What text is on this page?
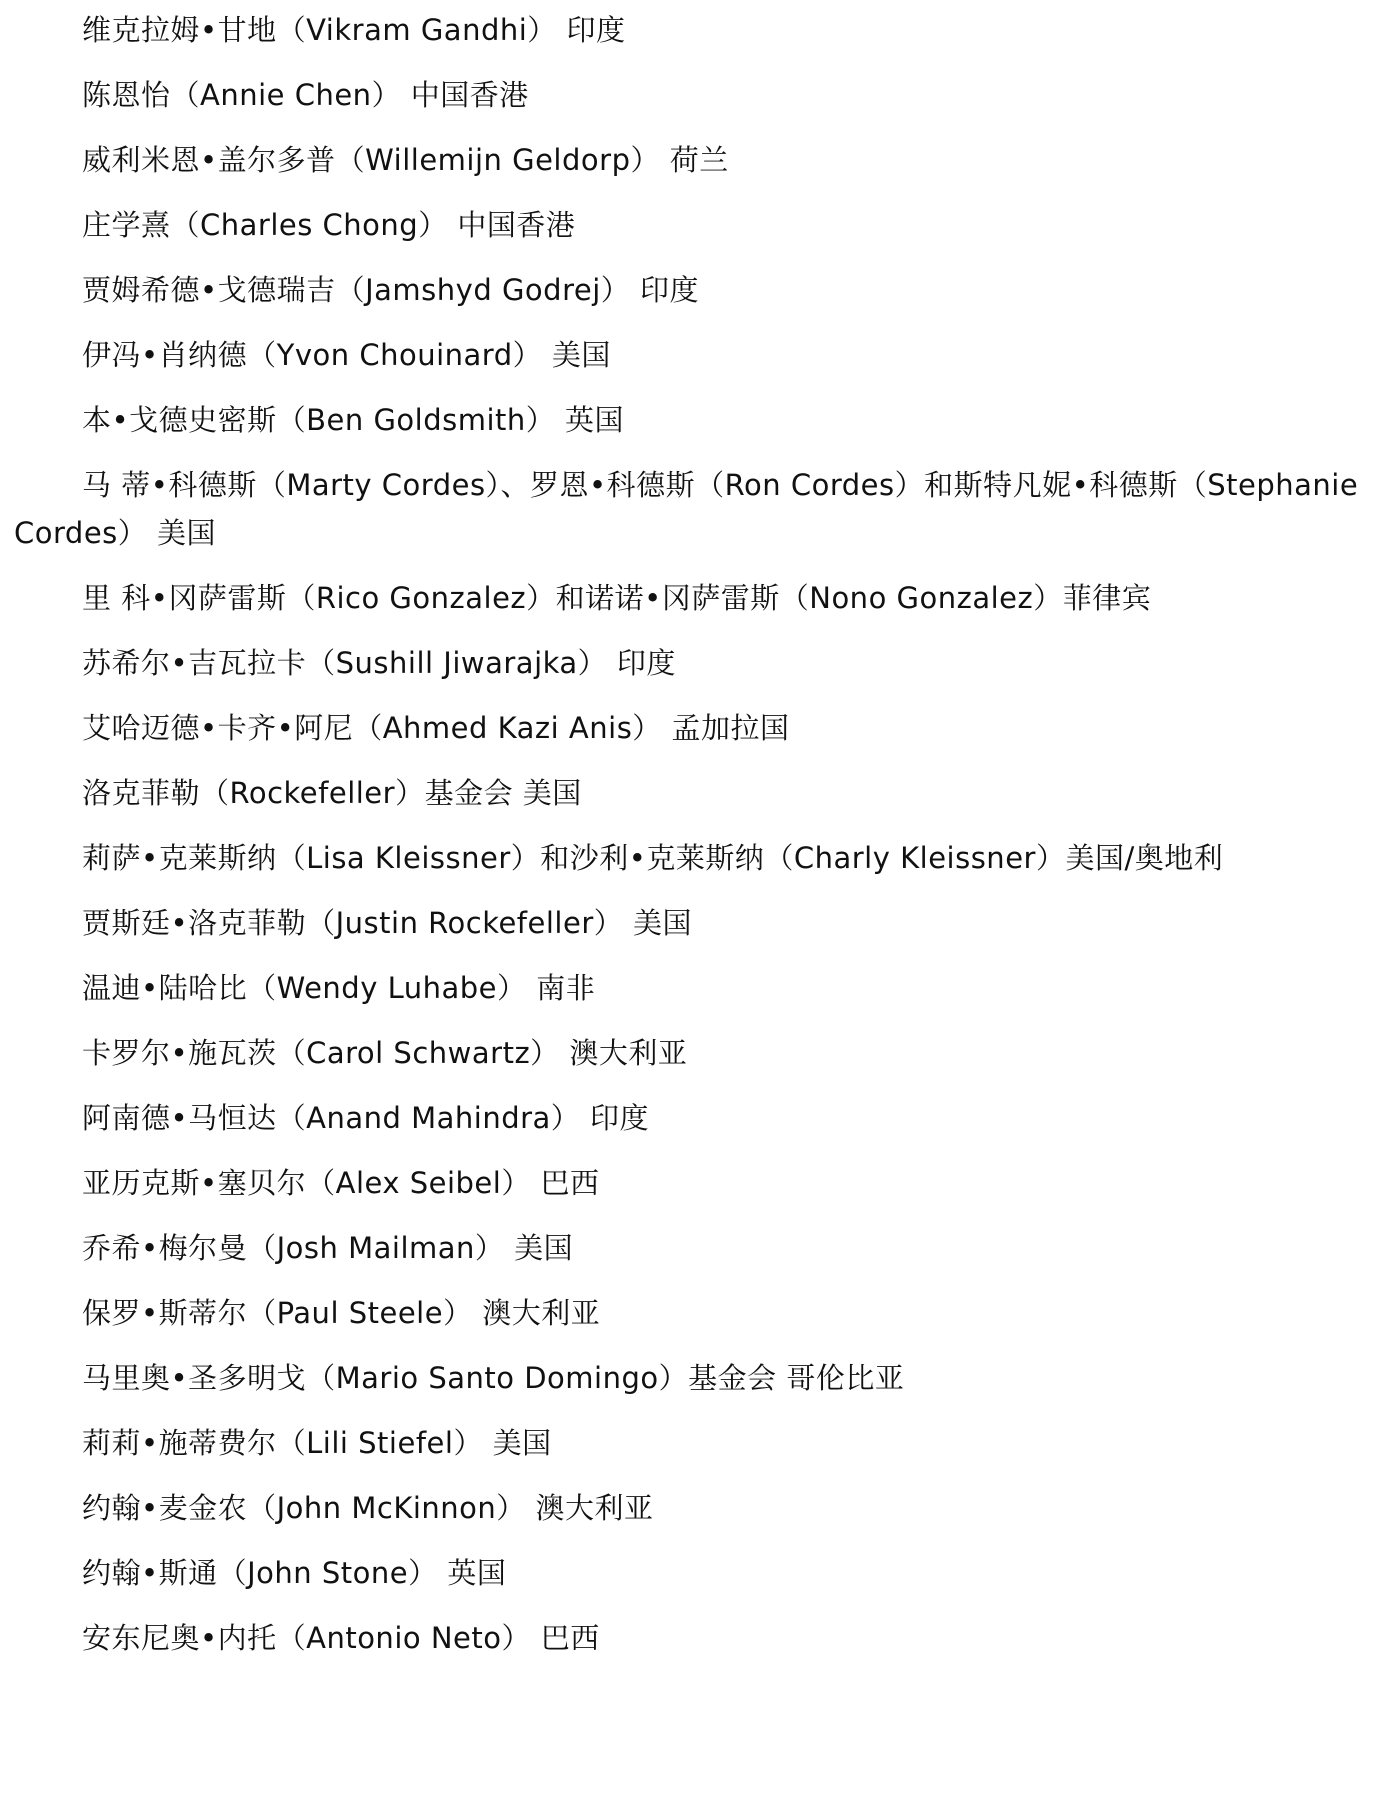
维克拉姆•甘地（Vikram Gandhi） 印度

陈恩怡（Annie Chen） 中国香港

威利米恩•盖尔多普（Willemijn Geldorp） 荷兰

庄学熹（Charles Chong） 中国香港

贾姆希德•戈德瑞吉（Jamshyd Godrej） 印度

伊冯•肖纳德（Yvon Chouinard） 美国

本•戈德史密斯（Ben Goldsmith） 英国

马 蒂•科德斯（Marty Cordes）、罗恩•科德斯（Ron Cordes）和斯特凡妮•科德斯（Stephanie Cordes） 美国

里 科•冈萨雷斯（Rico Gonzalez）和诺诺•冈萨雷斯（Nono Gonzalez）菲律宾

苏希尔•吉瓦拉卡（Sushill Jiwarajka） 印度

艾哈迈德•卡齐•阿尼（Ahmed Kazi Anis） 孟加拉国

洛克菲勒（Rockefeller）基金会 美国

莉萨•克莱斯纳（Lisa Kleissner）和沙利•克莱斯纳（Charly Kleissner）美国/奥地利

贾斯廷•洛克菲勒（Justin Rockefeller） 美国

温迪•陆哈比（Wendy Luhabe） 南非

卡罗尔•施瓦茨（Carol Schwartz） 澳大利亚

阿南德•马恒达（Anand Mahindra） 印度

亚历克斯•塞贝尔（Alex Seibel） 巴西

乔希•梅尔曼（Josh Mailman） 美国

保罗•斯蒂尔（Paul Steele） 澳大利亚

马里奥•圣多明戈（Mario Santo Domingo）基金会 哥伦比亚

莉莉•施蒂费尔（Lili Stiefel） 美国

约翰•麦金农（John McKinnon） 澳大利亚

约翰•斯通（John Stone） 英国

安东尼奥•内托（Antonio Neto） 巴西
